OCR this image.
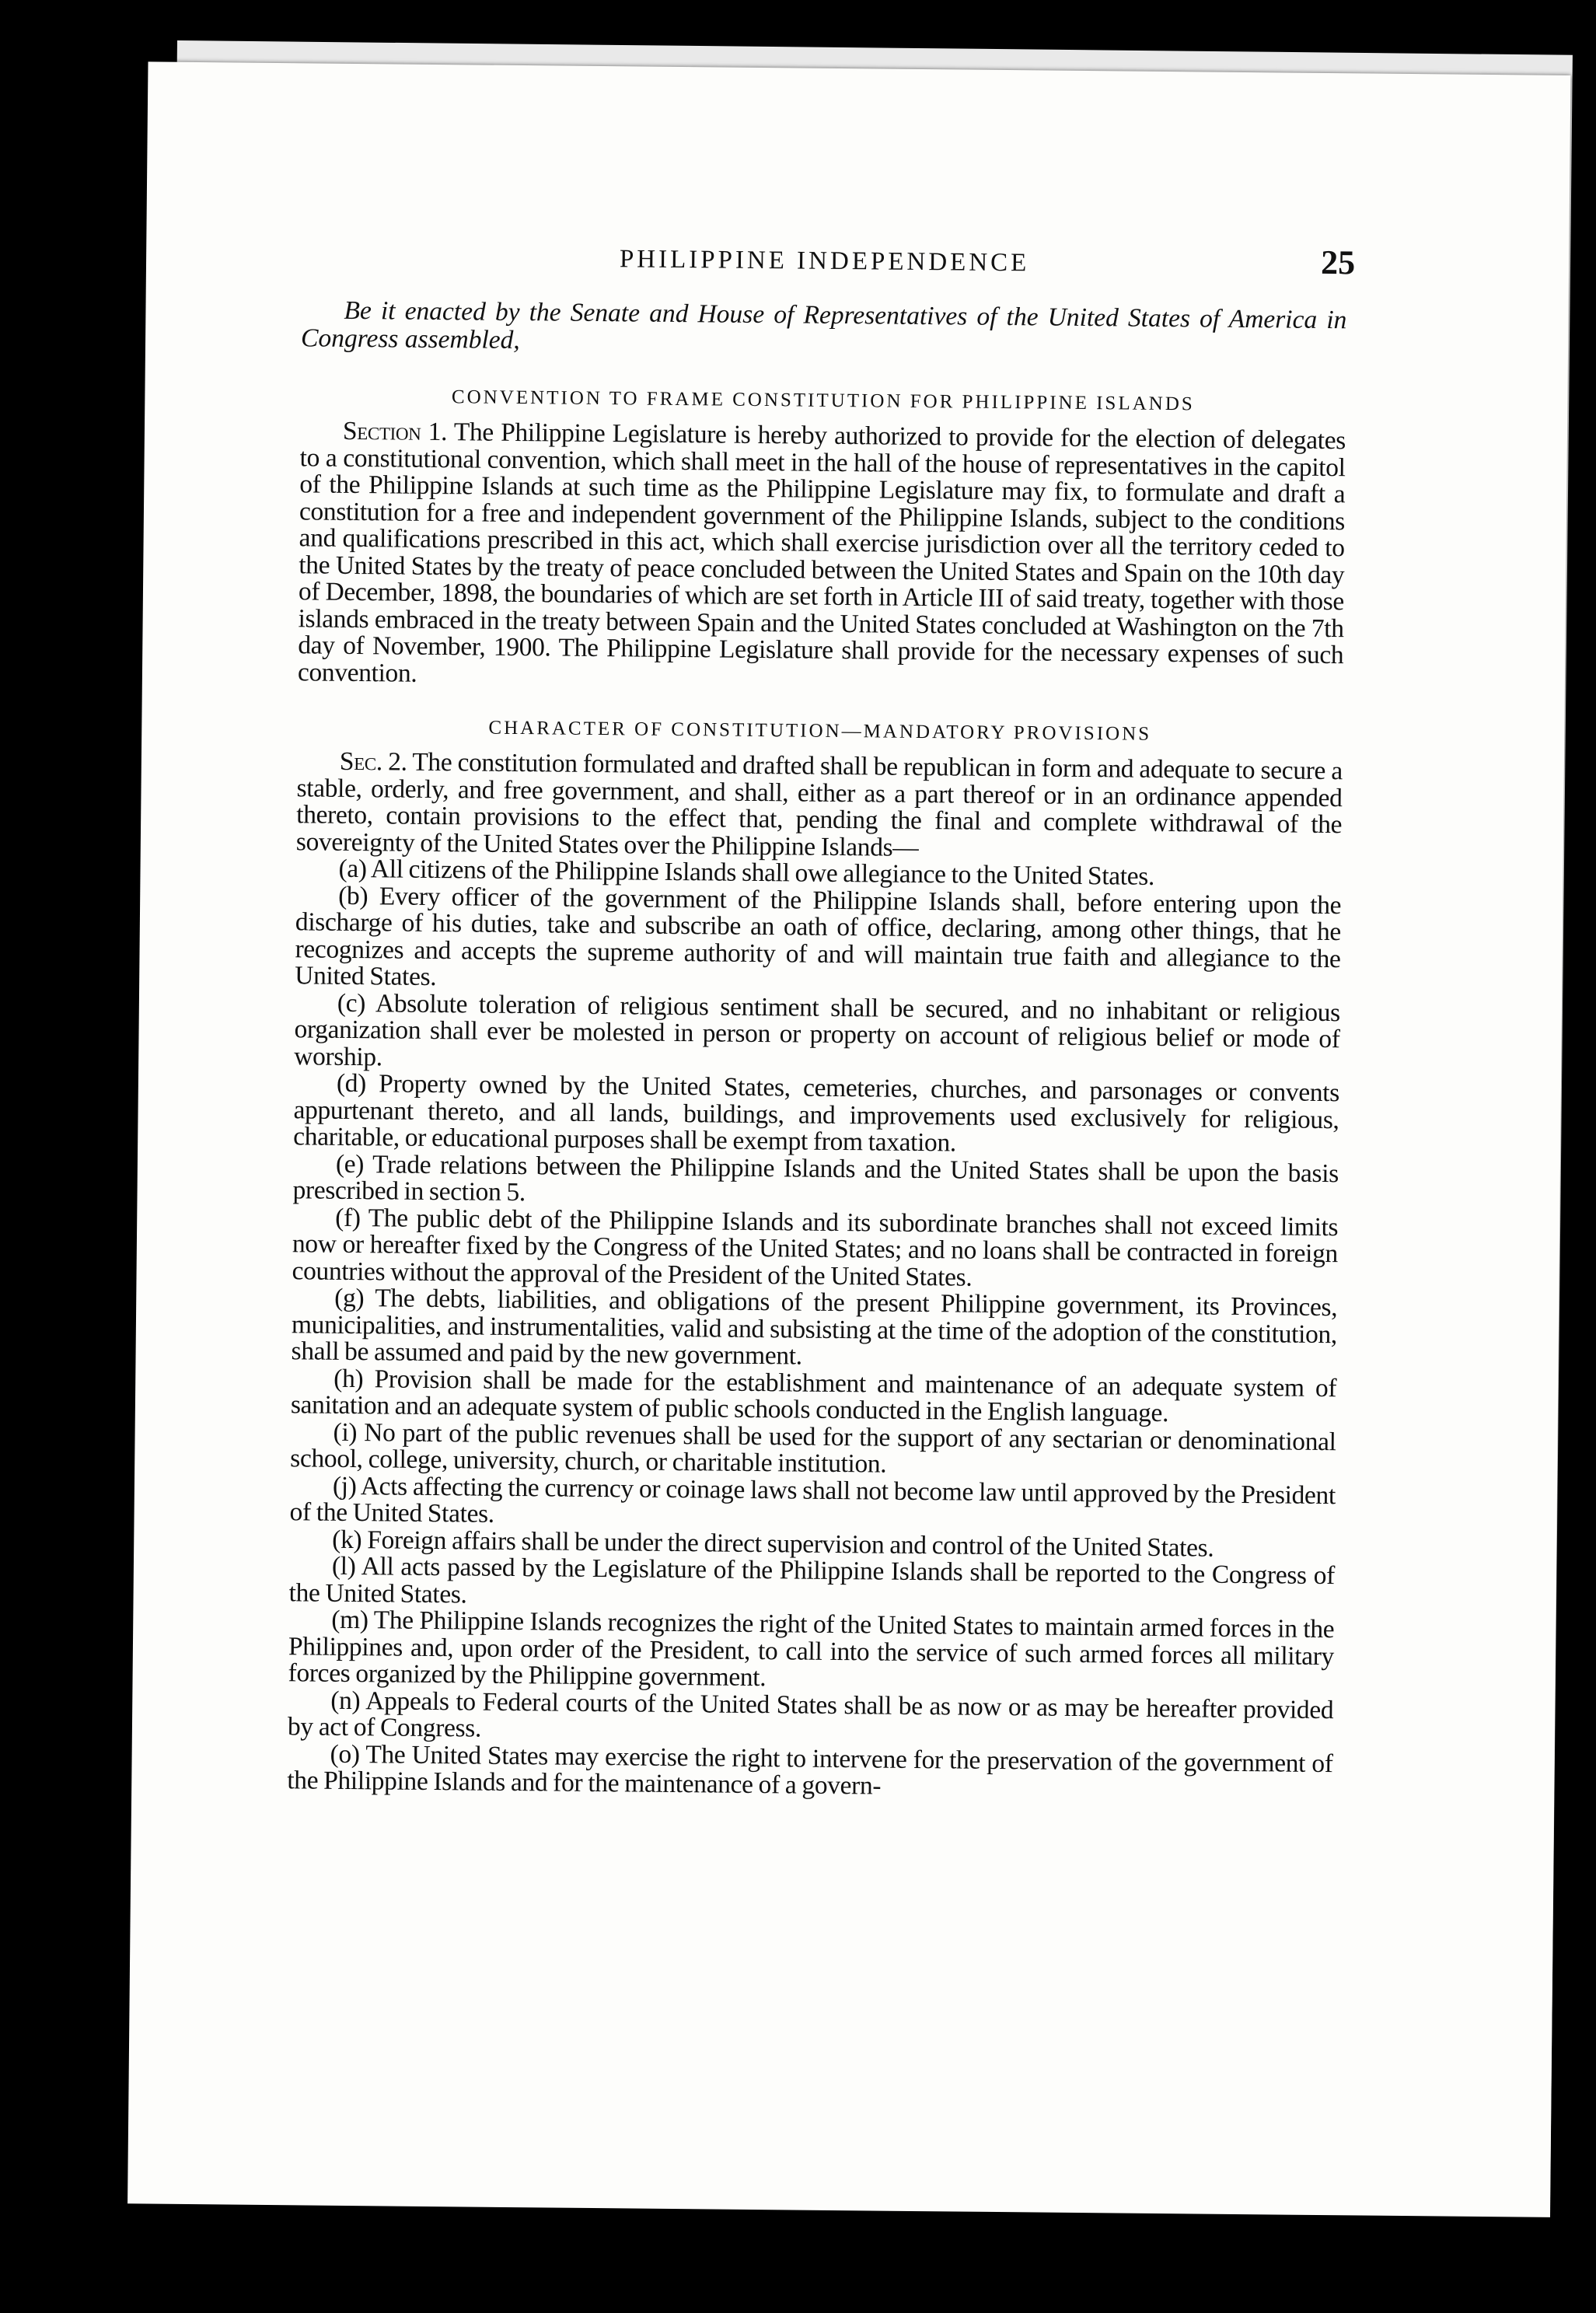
PHILIPPINE INDEPENDENCE	25

Be it enacted by the Senate and House of Representatives of the United States of America in Congress assembled,

CONVENTION TO FRAME CONSTITUTION FOR PHILIPPINE ISLANDS

Section 1. The Philippine Legislature is hereby authorized to provide for the election of delegates to a constitutional convention, which shall meet in the hall of the house of representatives in the capitol of the Philippine Islands at such time as the Philippine Legislature may fix, to formulate and draft a constitution for a free and independent government of the Philippine Islands, subject to the conditions and qualifications prescribed in this act, which shall exercise jurisdiction over all the territory ceded to the United States by the treaty of peace concluded between the United States and Spain on the 10th day of December, 1898, the boundaries of which are set forth in Article III of said treaty, together with those islands embraced in the treaty between Spain and the United States concluded at Washington on the 7th day of November, 1900. The Philippine Legislature shall provide for the necessary expenses of such convention.

CHARACTER OF CONSTITUTION—MANDATORY PROVISIONS

Sec. 2. The constitution formulated and drafted shall be republican in form and adequate to secure a stable, orderly, and free government, and shall, either as a part thereof or in an ordinance appended thereto, contain provisions to the effect that, pending the final and complete withdrawal of the sovereignty of the United States over the Philippine Islands—

(a) All citizens of the Philippine Islands shall owe allegiance to the United States.

(b) Every officer of the government of the Philippine Islands shall, before entering upon the discharge of his duties, take and subscribe an oath of office, declaring, among other things, that he recognizes and accepts the supreme authority of and will maintain true faith and allegiance to the United States.

(c) Absolute toleration of religious sentiment shall be secured, and no inhabitant or religious organization shall ever be molested in person or property on account of religious belief or mode of worship.

(d) Property owned by the United States, cemeteries, churches, and parsonages or convents appurtenant thereto, and all lands, buildings, and improvements used exclusively for religious, charitable, or educational purposes shall be exempt from taxation.

(e) Trade relations between the Philippine Islands and the United States shall be upon the basis prescribed in section 5.

(f) The public debt of the Philippine Islands and its subordinate branches shall not exceed limits now or hereafter fixed by the Congress of the United States; and no loans shall be contracted in foreign countries without the approval of the President of the United States.

(g) The debts, liabilities, and obligations of the present Philippine government, its Provinces, municipalities, and instrumentalities, valid and subsisting at the time of the adoption of the constitution, shall be assumed and paid by the new government.

(h) Provision shall be made for the establishment and maintenance of an adequate system of sanitation and an adequate system of public schools conducted in the English language.

(i) No part of the public revenues shall be used for the support of any sectarian or denominational school, college, university, church, or charitable institution.

(j) Acts affecting the currency or coinage laws shall not become law until approved by the President of the United States.

(k) Foreign affairs shall be under the direct supervision and control of the United States.

(l) All acts passed by the Legislature of the Philippine Islands shall be reported to the Congress of the United States.

(m) The Philippine Islands recognizes the right of the United States to maintain armed forces in the Philippines and, upon order of the President, to call into the service of such armed forces all military forces organized by the Philippine government.

(n) Appeals to Federal courts of the United States shall be as now or as may be hereafter provided by act of Congress.

(o) The United States may exercise the right to intervene for the preservation of the government of the Philippine Islands and for the maintenance of a govern-
